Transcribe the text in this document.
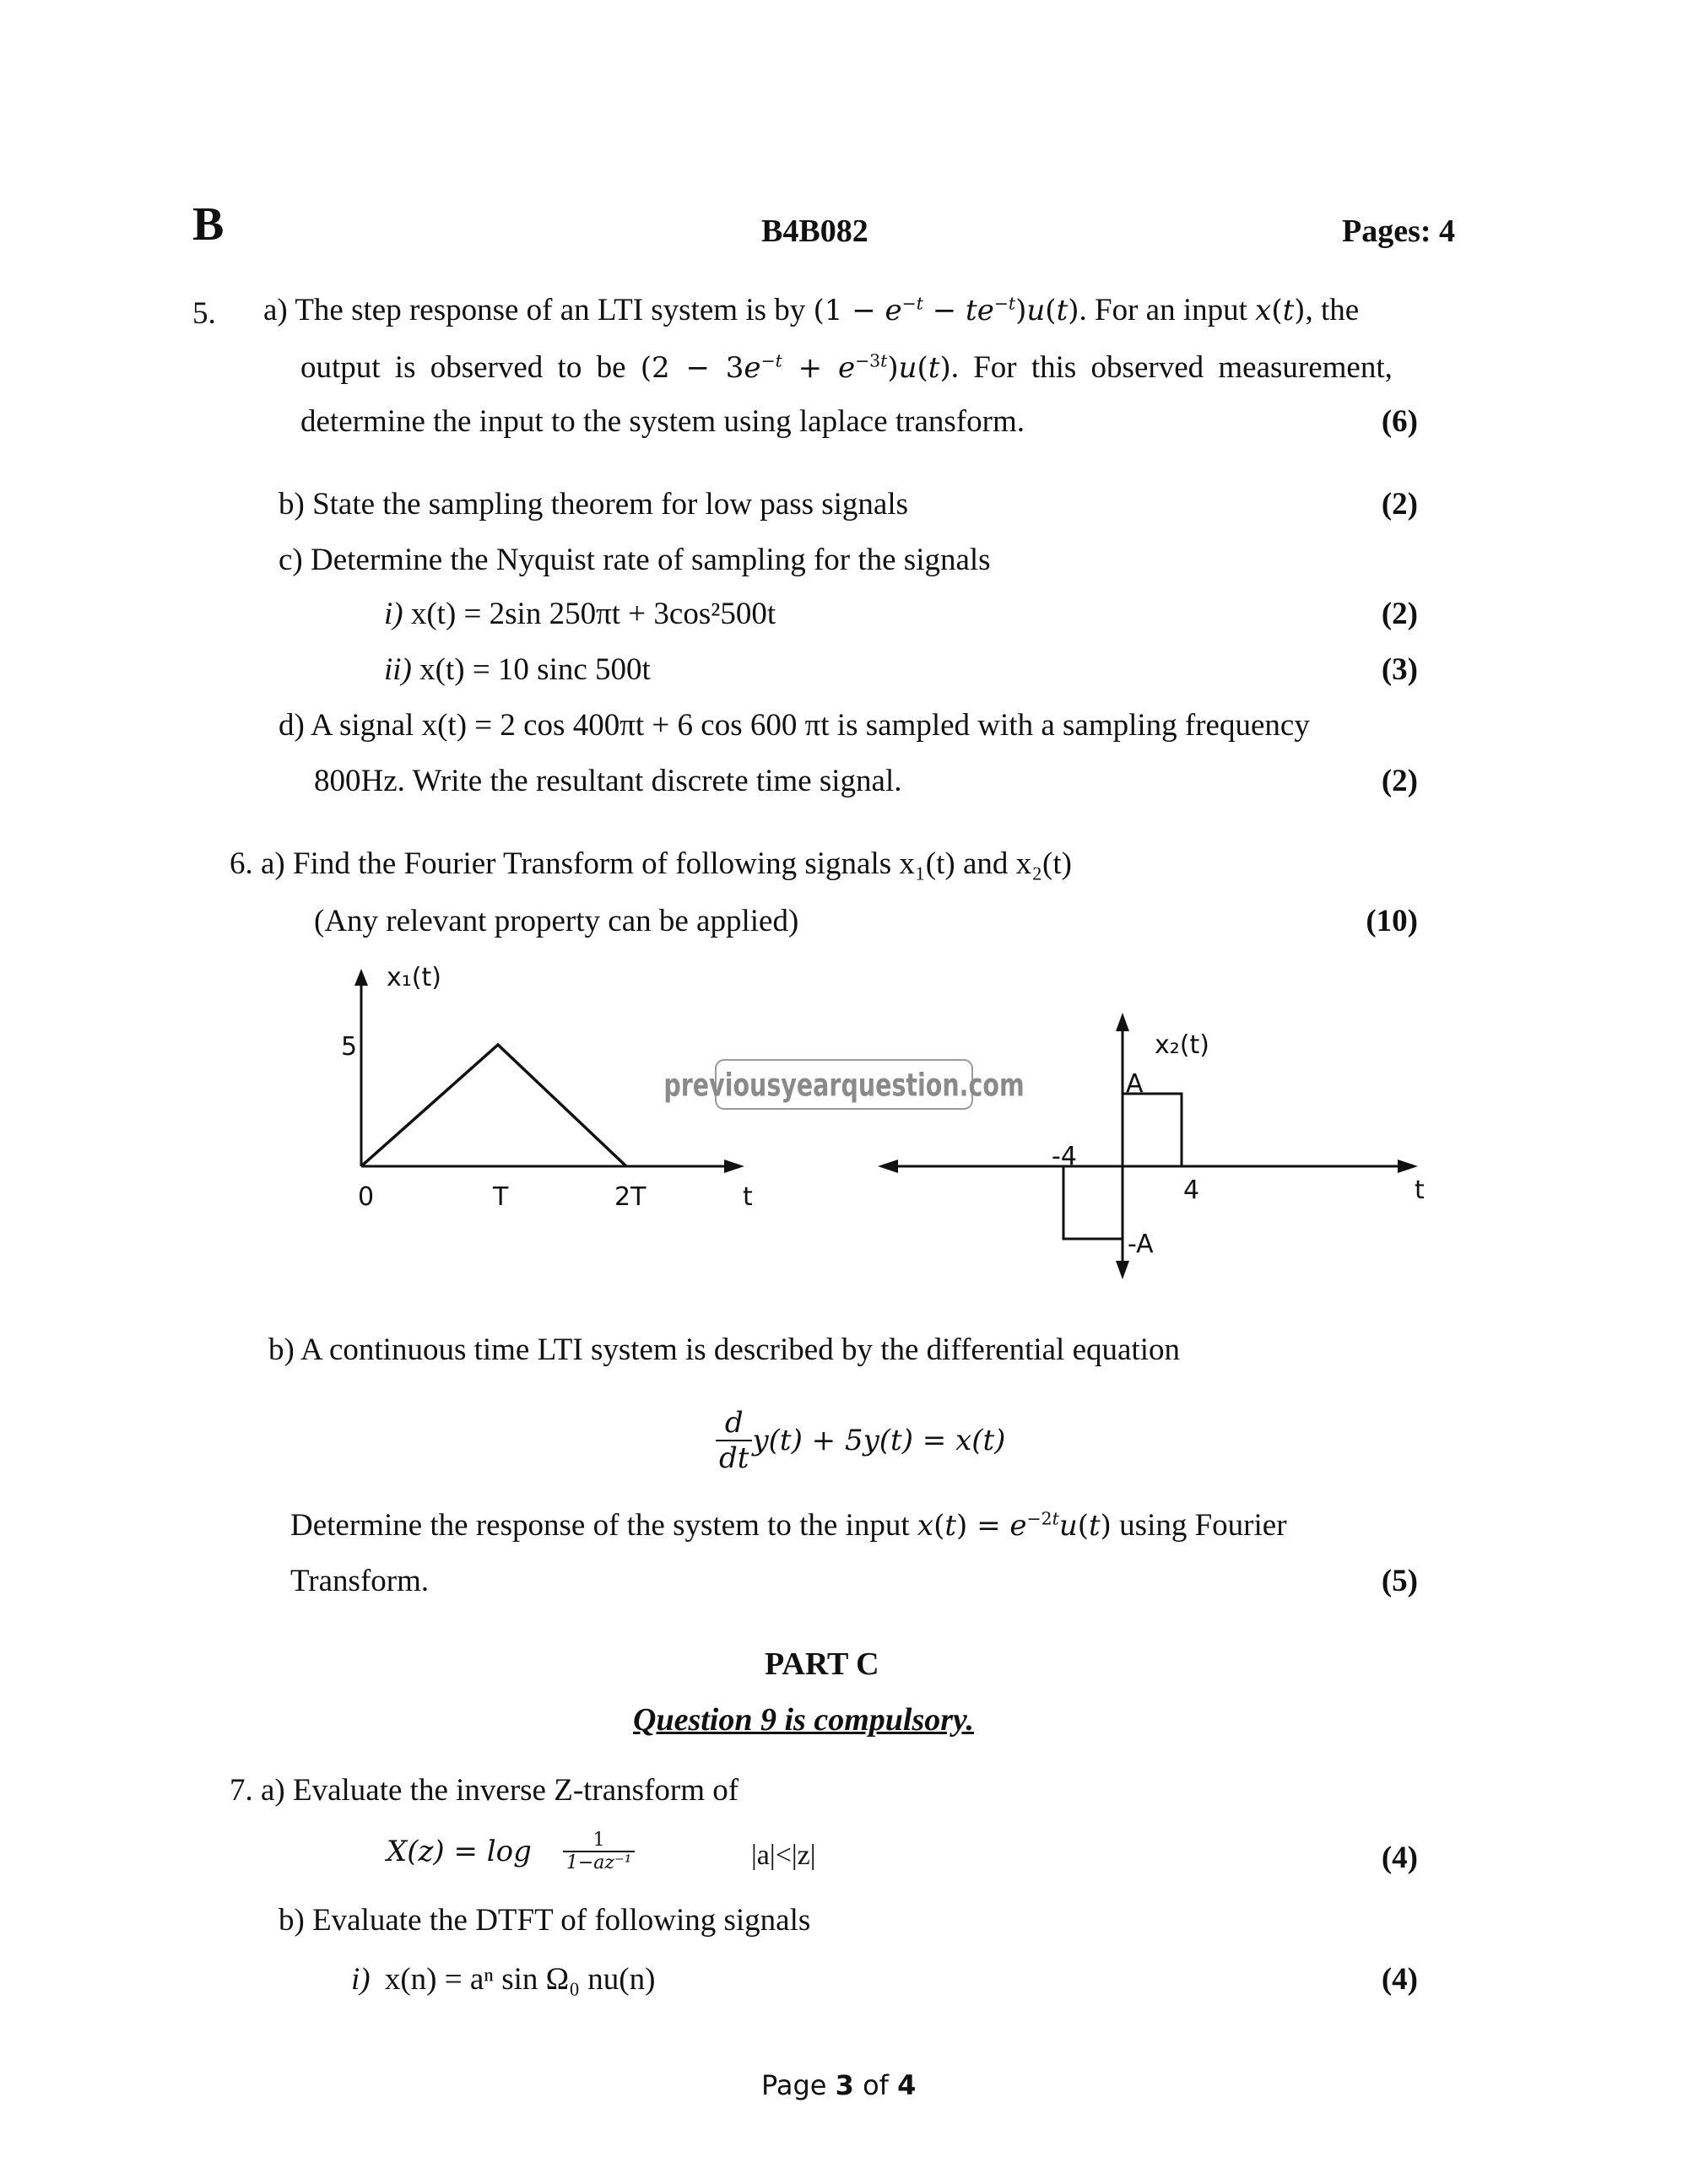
B	B4B082	Pages: 4
5. a) The step response of an LTI system is by $(1 - e^{-t} - te^{-t})u(t)$. For an input x(t), the
output is observed to be $(2 - 3e^{-t} + e^{-3t})u(t)$. For this observed measurement,
determine the input to the system using laplace transform.	(6)
b) State the sampling theorem for low pass signals	(2)
c) Determine the Nyquist rate of sampling for the signals
i) x(t) = 2sin 250πt + 3cos²500t	(2)
ii) x(t) = 10 sinc 500t	(3)
d) A signal x(t) = 2 cos 400πt + 6 cos 600 πt is sampled with a sampling frequency
800Hz. Write the resultant discrete time signal.	(2)
6. a) Find the Fourier Transform of following signals x₁(t) and x₂(t)
(Any relevant property can be applied)	(10)
x₁(t)
5
0	T	2T	t
previousyearquestion.com
x₂(t)
A
-A
-4
4	t
b) A continuous time LTI system is described by the differential equation
$\frac{d}{dt} y(t) + 5y(t) = x(t)$
Determine the response of the system to the input $x(t) = e^{-2t}u(t)$ using Fourier
Transform.	(5)
PART C
Question 9 is compulsory.
7. a) Evaluate the inverse Z-transform of
$X(z) = \log \frac{1}{\text{1−az⁻¹}}$	|a|<|z|	(4)
b) Evaluate the DTFT of following signals
i) x(n) = aⁿ sin Ω₀ nu(n)	(4)
Page 3 of 4
